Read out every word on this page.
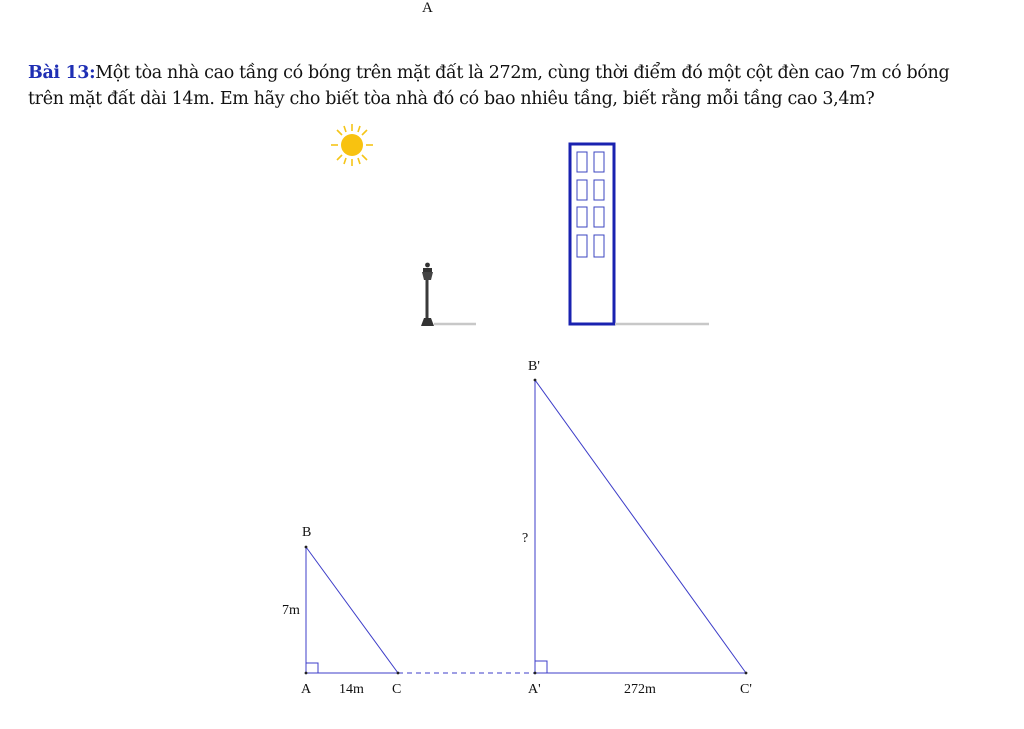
A
Bài 13:Một tòa nhà cao tầng có bóng trên mặt đất là 272m, cùng thời điểm đó một cột đèn cao 7m có bóng
trên mặt đất dài 14m. Em hãy cho biết tòa nhà đó có bao nhiêu tầng, biết rằng mỗi tầng cao 3,4m?
B
A	C
7m
14m
B'
A'	C'
?
272m
